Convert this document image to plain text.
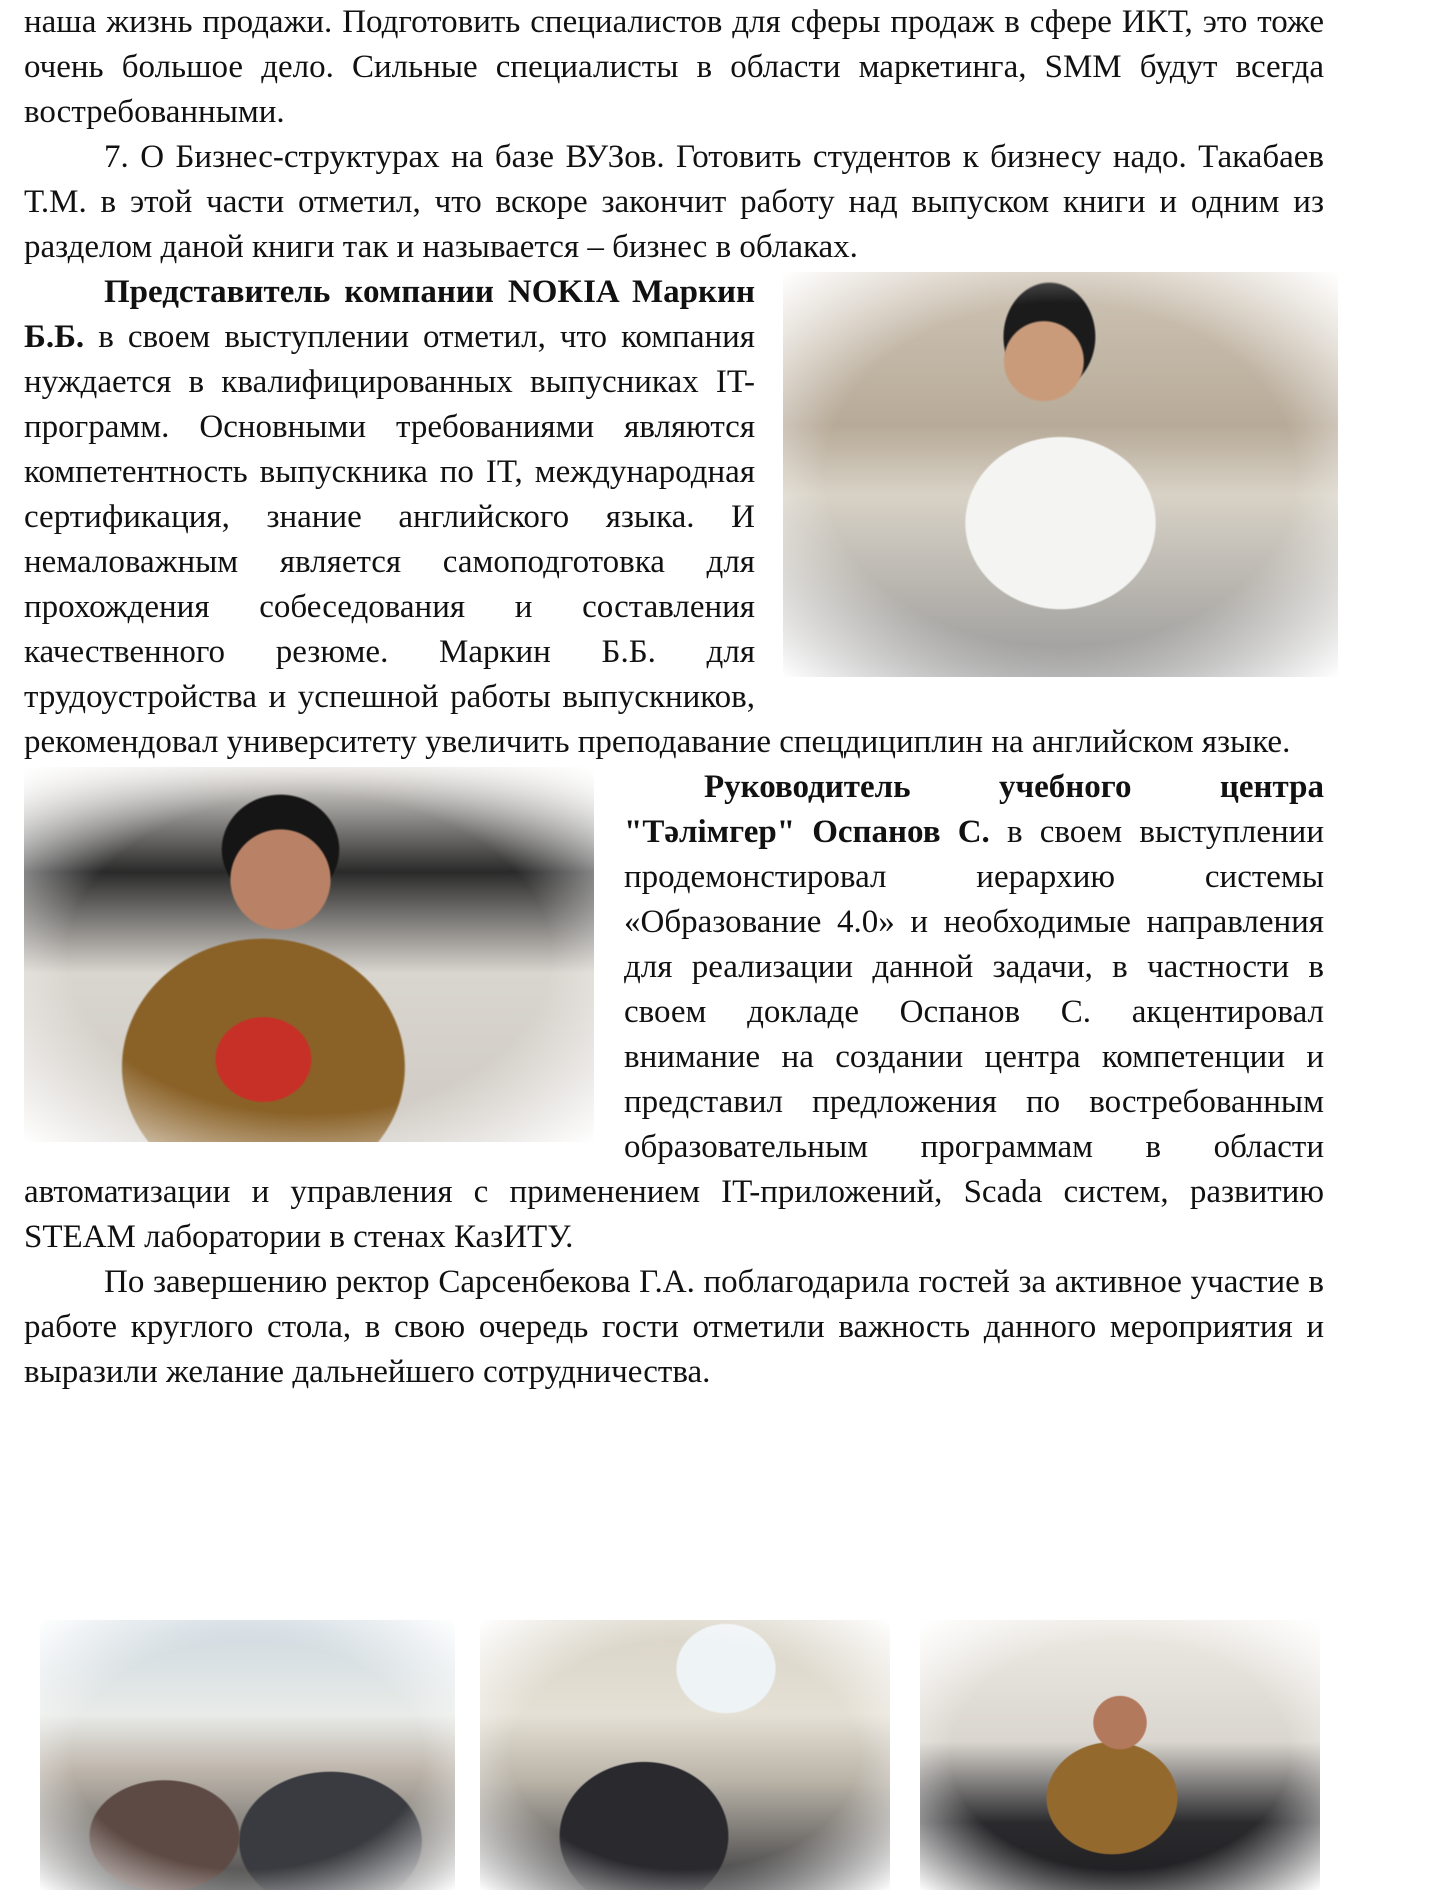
наша жизнь продажи. Подготовить специалистов для сферы продаж в сфере ИКТ, это тоже очень большое дело. Сильные специалисты в области маркетинга, SMM будут всегда востребованными.

7. О Бизнес-структурах на базе ВУЗов. Готовить студентов к бизнесу надо. Такабаев Т.М. в этой части отметил, что вскоре закончит работу над выпуском книги и одним из разделом даной книги так и называется – бизнес в облаках.

Представитель компании NOKIA Маркин Б.Б. в своем выступлении отметил, что компания нуждается в квалифицированных выпусниках IT-программ. Основными требованиями являются компетентность выпускника по IT, международная сертификация, знание английского языка. И немаловажным является самоподготовка для прохождения собеседования и составления качественного резюме. Маркин Б.Б. для трудоустройства и успешной работы выпускников, рекомендовал университету увеличить преподавание спецдициплин на английском языке.

Руководитель учебного центра "Тәлімгер" Оспанов С. в своем выступлении продемонстировал иерархию системы «Образование 4.0» и необходимые направления для реализации данной задачи, в частности в своем докладе Оспанов С. акцентировал внимание на создании центра компетенции и представил предложения по востребованным образовательным программам в области автоматизации и управления с применением IT-приложений, Scada систем, развитию STEAM лаборатории в стенах КазИТУ.

По завершению ректор Сарсенбекова Г.А. поблагодарила гостей за активное участие в работе круглого стола, в свою очередь гости отметили важность данного мероприятия и выразили желание дальнейшего сотрудничества.
